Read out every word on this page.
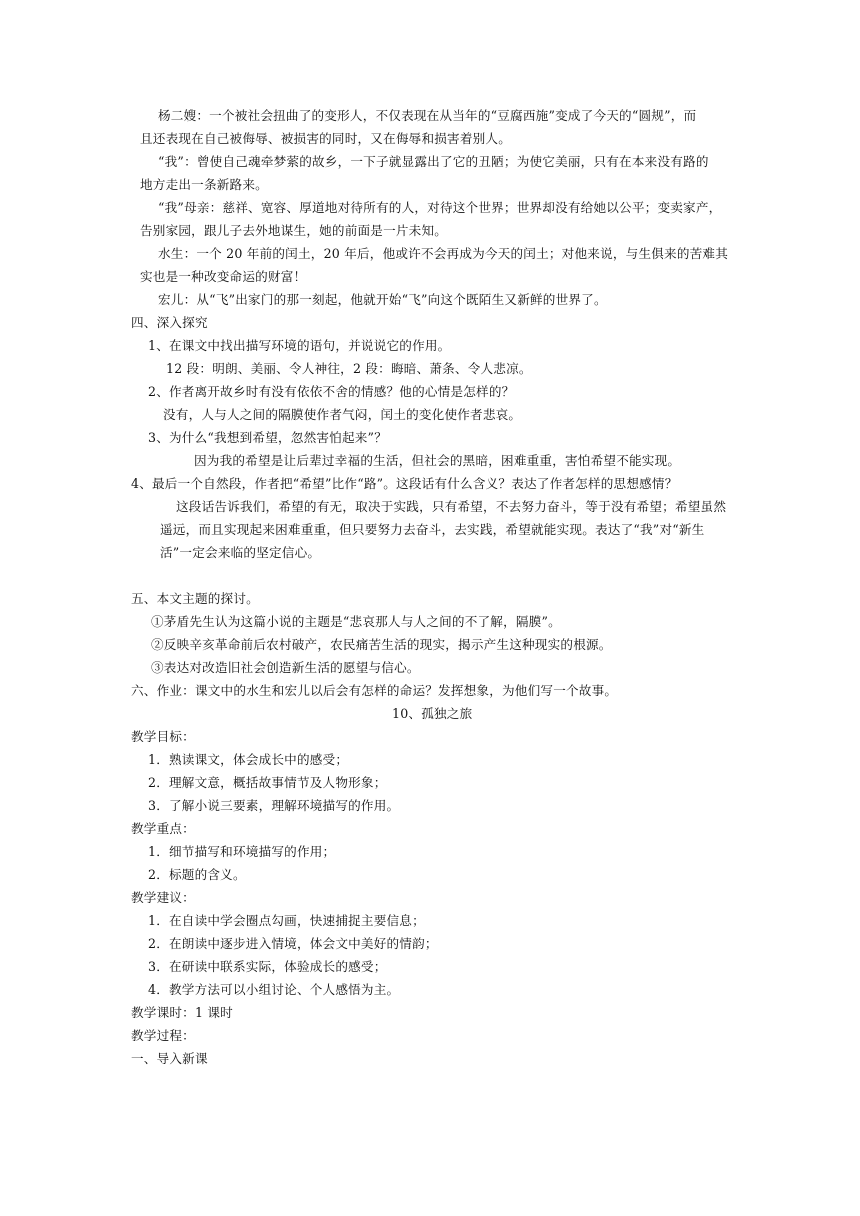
杨二嫂：一个被社会扭曲了的变形人，不仅表现在从当年的“豆腐西施”变成了今天的“圆规”，而
且还表现在自己被侮辱、被损害的同时，又在侮辱和损害着别人。
“我”：曾使自己魂牵梦萦的故乡，一下子就显露出了它的丑陋；为使它美丽，只有在本来没有路的
地方走出一条新路来。
“我”母亲：慈祥、宽容、厚道地对待所有的人，对待这个世界；世界却没有给她以公平；变卖家产，
告别家园，跟儿子去外地谋生，她的前面是一片未知。
水生：一个 20 年前的闰土，20 年后，他或许不会再成为今天的闰土；对他来说，与生俱来的苦难其
实也是一种改变命运的财富！
宏儿：从“飞”出家门的那一刻起，他就开始“飞”向这个既陌生又新鲜的世界了。
四、深入探究
1、在课文中找出描写环境的语句，并说说它的作用。
12 段：明朗、美丽、令人神往，2 段：晦暗、萧条、令人悲凉。
2、作者离开故乡时有没有依依不舍的情感？他的心情是怎样的？
没有，人与人之间的隔膜使作者气闷，闰土的变化使作者悲哀。
3、为什么“我想到希望，忽然害怕起来”？
因为我的希望是让后辈过幸福的生活，但社会的黑暗，困难重重，害怕希望不能实现。
4、最后一个自然段，作者把“希望”比作“路”。这段话有什么含义？表达了作者怎样的思想感情？
这段话告诉我们，希望的有无，取决于实践，只有希望，不去努力奋斗，等于没有希望；希望虽然
遥远，而且实现起来困难重重，但只要努力去奋斗，去实践，希望就能实现。表达了“我”对“新生
活”一定会来临的坚定信心。
五、本文主题的探讨。
①茅盾先生认为这篇小说的主题是“悲哀那人与人之间的不了解，隔膜”。
②反映辛亥革命前后农村破产，农民痛苦生活的现实，揭示产生这种现实的根源。
③表达对改造旧社会创造新生活的愿望与信心。
六、作业：课文中的水生和宏儿以后会有怎样的命运？发挥想象，为他们写一个故事。
10、孤独之旅
教学目标：
1．熟读课文，体会成长中的感受；
2．理解文意，概括故事情节及人物形象；
3．了解小说三要素，理解环境描写的作用。
教学重点：
1．细节描写和环境描写的作用；
2．标题的含义。
教学建议：
1．在自读中学会圈点勾画，快速捕捉主要信息；
2．在朗读中逐步进入情境，体会文中美好的情韵；
3．在研读中联系实际，体验成长的感受；
4．教学方法可以小组讨论、个人感悟为主。
教学课时：1 课时
教学过程：
一、导入新课
